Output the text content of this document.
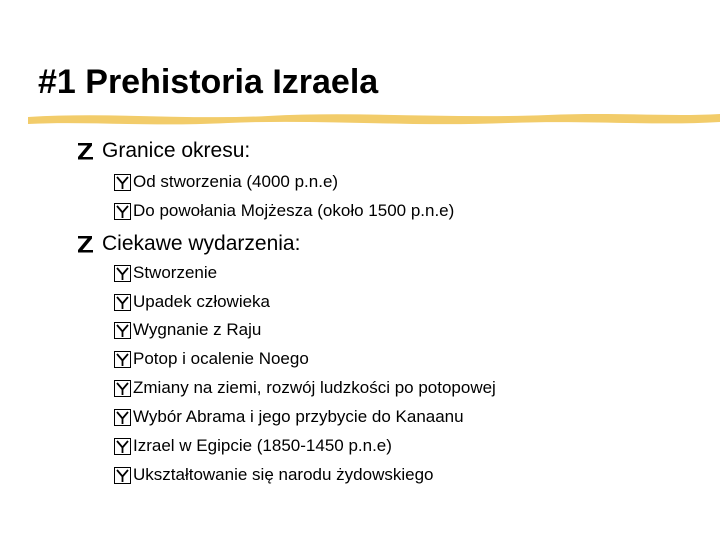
#1 Prehistoria Izraela
Granice okresu:
Od stworzenia (4000 p.n.e)
Do powołania Mojżesza (około 1500 p.n.e)
Ciekawe wydarzenia:
Stworzenie
Upadek człowieka
Wygnanie z Raju
Potop i ocalenie Noego
Zmiany na ziemi, rozwój ludzkości po potopowej
Wybór Abrama i jego przybycie do Kanaanu
Izrael w Egipcie (1850-1450 p.n.e)
Ukształtowanie się narodu żydowskiego
